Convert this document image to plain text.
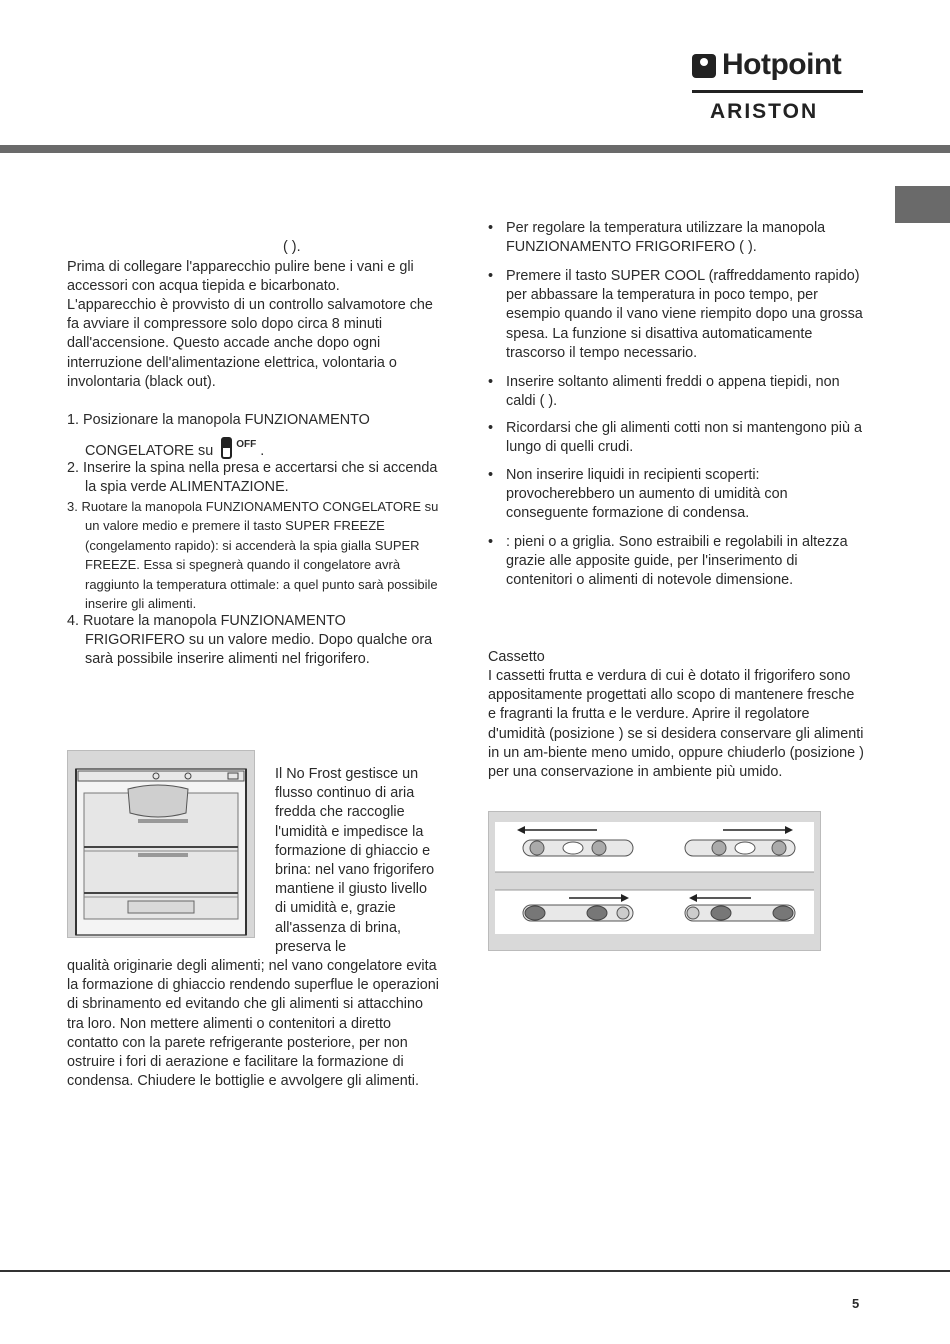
Hotpoint
ARISTON
( ).

Prima di collegare l'apparecchio pulire bene i vani e gli accessori con acqua tiepida e bicarbonato.

L'apparecchio è provvisto di un controllo salvamotore che fa avviare il compressore solo dopo circa 8 minuti dall'accensione. Questo accade anche dopo ogni interruzione dell'alimentazione elettrica, volontaria o involontaria (black out).

1. Posizionare la manopola FUNZIONAMENTO

CONGELATORE su $^{OFF}$ .

2. Inserire la spina nella presa e accertarsi che si accenda la spia verde ALIMENTAZIONE.

3. Ruotare la manopola FUNZIONAMENTO CONGELATORE su un valore medio e premere il tasto SUPER FREEZE (congelamento rapido): si accenderà la spia gialla SUPER FREEZE. Essa si spegnerà quando il congelatore avrà raggiunto la temperatura ottimale: a quel punto sarà possibile inserire gli alimenti.

4. Ruotare la manopola FUNZIONAMENTO FRIGORIFERO su un valore medio. Dopo qualche ora sarà possibile inserire alimenti nel frigorifero.

Il No Frost gestisce un flusso continuo di aria fredda che raccoglie l'umidità e impedisce la formazione di ghiaccio e brina: nel vano frigorifero mantiene il giusto livello di umidità e, grazie all'assenza di brina, preserva le

qualità originarie degli alimenti; nel vano congelatore evita la formazione di ghiaccio rendendo superflue le operazioni di sbrinamento ed evitando che gli alimenti si attacchino tra loro. Non mettere alimenti o contenitori a diretto contatto con la parete refrigerante posteriore, per non ostruire i fori di aerazione e facilitare la formazione di condensa. Chiudere le bottiglie e avvolgere gli alimenti.

• Per regolare la temperatura utilizzare la manopola FUNZIONAMENTO FRIGORIFERO ( ).
• Premere il tasto SUPER COOL (raffreddamento rapido) per abbassare la temperatura in poco tempo, per esempio quando il vano viene riempito dopo una grossa spesa. La funzione si disattiva automaticamente trascorso il tempo necessario.
• Inserire soltanto alimenti freddi o appena tiepidi, non caldi ( ).
• Ricordarsi che gli alimenti cotti non si mantengono più a lungo di quelli crudi.
• Non inserire liquidi in recipienti scoperti: provocherebbero un aumento di umidità con conseguente formazione di condensa.
• : pieni o a griglia. Sono estraibili e regolabili in altezza grazie alle apposite guide, per l'inserimento di contenitori o alimenti di notevole dimensione.

Cassetto

I cassetti frutta e verdura di cui è dotato il frigorifero sono appositamente progettati allo scopo di mantenere fresche e fragranti la frutta e le verdure. Aprire il regolatore d'umidità (posizione ) se si desidera conservare gli alimenti in un am-biente meno umido, oppure chiuderlo (posizione ) per una conservazione in ambiente più umido.

5
